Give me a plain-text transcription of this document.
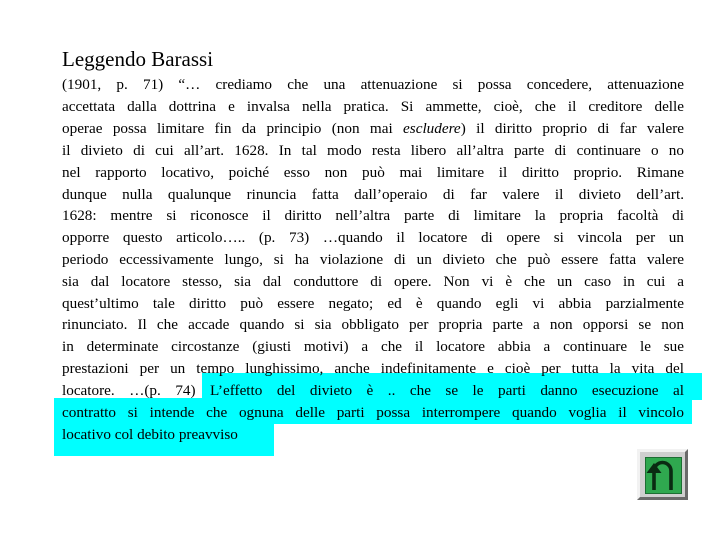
Leggendo Barassi
(1901, p. 71) “… crediamo che una attenuazione si possa concedere, attenuazione
accettata dalla dottrina e invalsa nella pratica. Si ammette, cioè, che il creditore delle
operae possa limitare fin da principio (non mai escludere) il diritto proprio di far valere
il divieto di cui all’art. 1628. In tal modo resta libero all’altra parte di continuare o no
nel rapporto locativo, poiché esso non può mai limitare il diritto proprio. Rimane
dunque nulla qualunque rinuncia fatta dall’operaio di far valere il divieto dell’art.
1628: mentre si riconosce il diritto nell’altra parte di limitare la propria facoltà di
opporre questo articolo….. (p. 73) …quando il locatore di opere si vincola per un
periodo eccessivamente lungo, si ha violazione di un divieto che può essere fatta valere
sia dal locatore stesso, sia dal conduttore di opere. Non vi è che un caso in cui a
quest’ultimo tale diritto può essere negato; ed è quando egli vi abbia parzialmente
rinunciato. Il che accade quando si sia obbligato per propria parte a non opporsi se non
in determinate circostanze (giusti motivi) a che il locatore abbia a continuare le sue
prestazioni per un tempo lunghissimo, anche indefinitamente e cioè per tutta la vita del
locatore. …(p. 74) L’effetto del divieto è .. che se le parti danno esecuzione al
contratto si intende che ognuna delle parti possa interrompere quando voglia il vincolo
locativo col debito preavviso
